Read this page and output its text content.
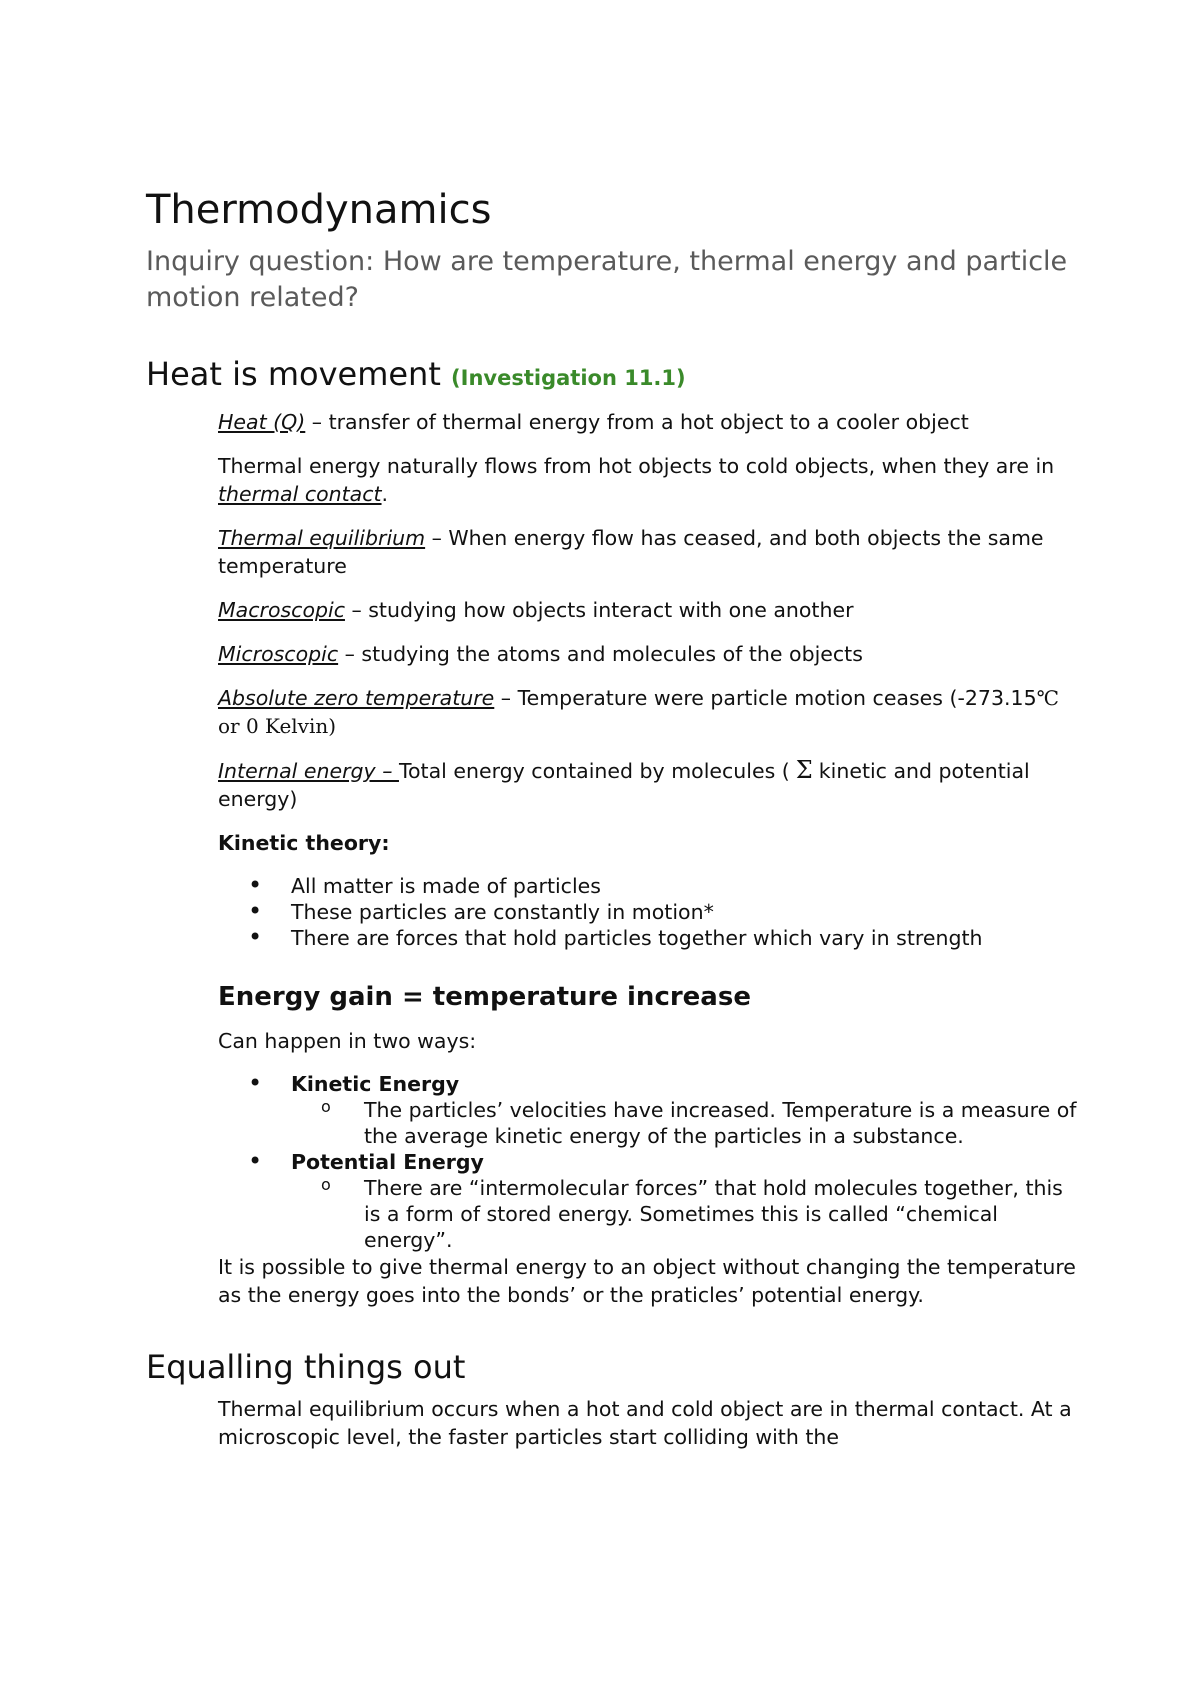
Thermodynamics
Inquiry question: How are temperature, thermal energy and particle motion related?
Heat is movement (Investigation 11.1)

Heat (Q) – transfer of thermal energy from a hot object to a cooler object

Thermal energy naturally flows from hot objects to cold objects, when they are in thermal contact.

Thermal equilibrium – When energy flow has ceased, and both objects the same temperature

Macroscopic – studying how objects interact with one another

Microscopic – studying the atoms and molecules of the objects

Absolute zero temperature – Temperature were particle motion ceases (-273.15℃ or 0 Kelvin)

Internal energy – Total energy contained by molecules ( Σ kinetic and potential energy)

Kinetic theory:

• All matter is made of particles
• These particles are constantly in motion*
• There are forces that hold particles together which vary in strength
Energy gain = temperature increase

Can happen in two ways:

• Kinetic Energy
o The particles’ velocities have increased. Temperature is a measure of the average kinetic energy of the particles in a substance.
• Potential Energy
o There are “intermolecular forces” that hold molecules together, this is a form of stored energy. Sometimes this is called “chemical energy”.

It is possible to give thermal energy to an object without changing the temperature as the energy goes into the bonds’ or the praticles’ potential energy.

Equalling things out

Thermal equilibrium occurs when a hot and cold object are in thermal contact. At a microscopic level, the faster particles start colliding with the
